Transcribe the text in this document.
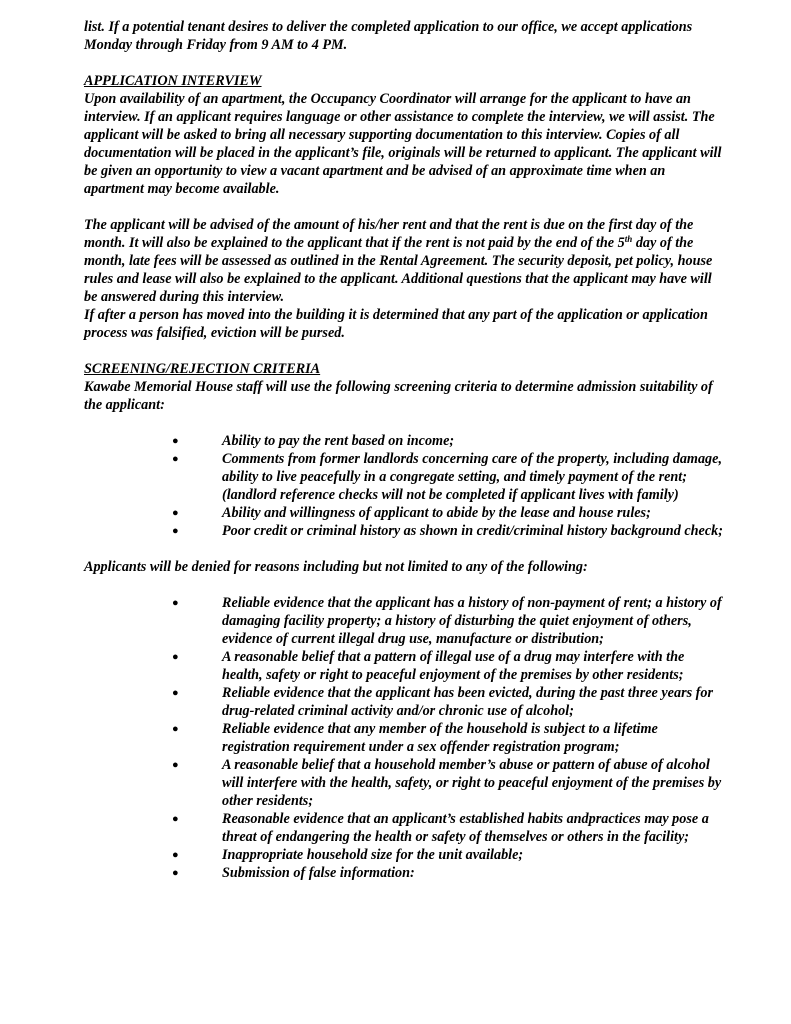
list. If a potential tenant desires to deliver the completed application to our office, we accept applications Monday through Friday from 9 AM to 4 PM.

APPLICATION INTERVIEW

Upon availability of an apartment, the Occupancy Coordinator will arrange for the applicant to have an interview. If an applicant requires language or other assistance to complete the interview, we will assist. The applicant will be asked to bring all necessary supporting documentation to this interview. Copies of all documentation will be placed in the applicant’s file, originals will be returned to applicant. The applicant will be given an opportunity to view a vacant apartment and be advised of an approximate time when an apartment may become available.

The applicant will be advised of the amount of his/her rent and that the rent is due on the first day of the month. It will also be explained to the applicant that if the rent is not paid by the end of the 5th day of the month, late fees will be assessed as outlined in the Rental Agreement. The security deposit, pet policy, house rules and lease will also be explained to the applicant. Additional questions that the applicant may have will be answered during this interview.

If after a person has moved into the building it is determined that any part of the application or application process was falsified, eviction will be pursed.

SCREENING/REJECTION CRITERIA

Kawabe Memorial House staff will use the following screening criteria to determine admission suitability of the applicant:

●	Ability to pay the rent based on income;
●	Comments from former landlords concerning care of the property, including damage, ability to live peacefully in a congregate setting, and timely payment of the rent;(landlord reference checks will not be completed if applicant lives with family)
●	Ability and willingness of applicant to abide by the lease and house rules;
●	Poor credit or criminal history as shown in credit/criminal history background check;

Applicants will be denied for reasons including but not limited to any of the following:

●	Reliable evidence that the applicant has a history of non-payment of rent; a history of damaging facility property; a history of disturbing the quiet enjoyment of others, evidence of current illegal drug use, manufacture or distribution;
●	A reasonable belief that a pattern of illegal use of a drug may interfere with the health, safety or right to peaceful enjoyment of the premises by other residents;
●	Reliable evidence that the applicant has been evicted, during the past three years for drug-related criminal activity and/or chronic use of alcohol;
●	Reliable evidence that any member of the household is subject to a lifetime registration requirement under a sex offender registration program;
●	A reasonable belief that a household member’s abuse or pattern of abuse of alcohol will interfere with the health, safety, or right to peaceful enjoyment of the premises by other residents;
●	Reasonable evidence that an applicant’s established habits andpractices may pose a threat of endangering the health or safety of themselves or others in the facility;
●	Inappropriate household size for the unit available;
●	Submission of false information:
